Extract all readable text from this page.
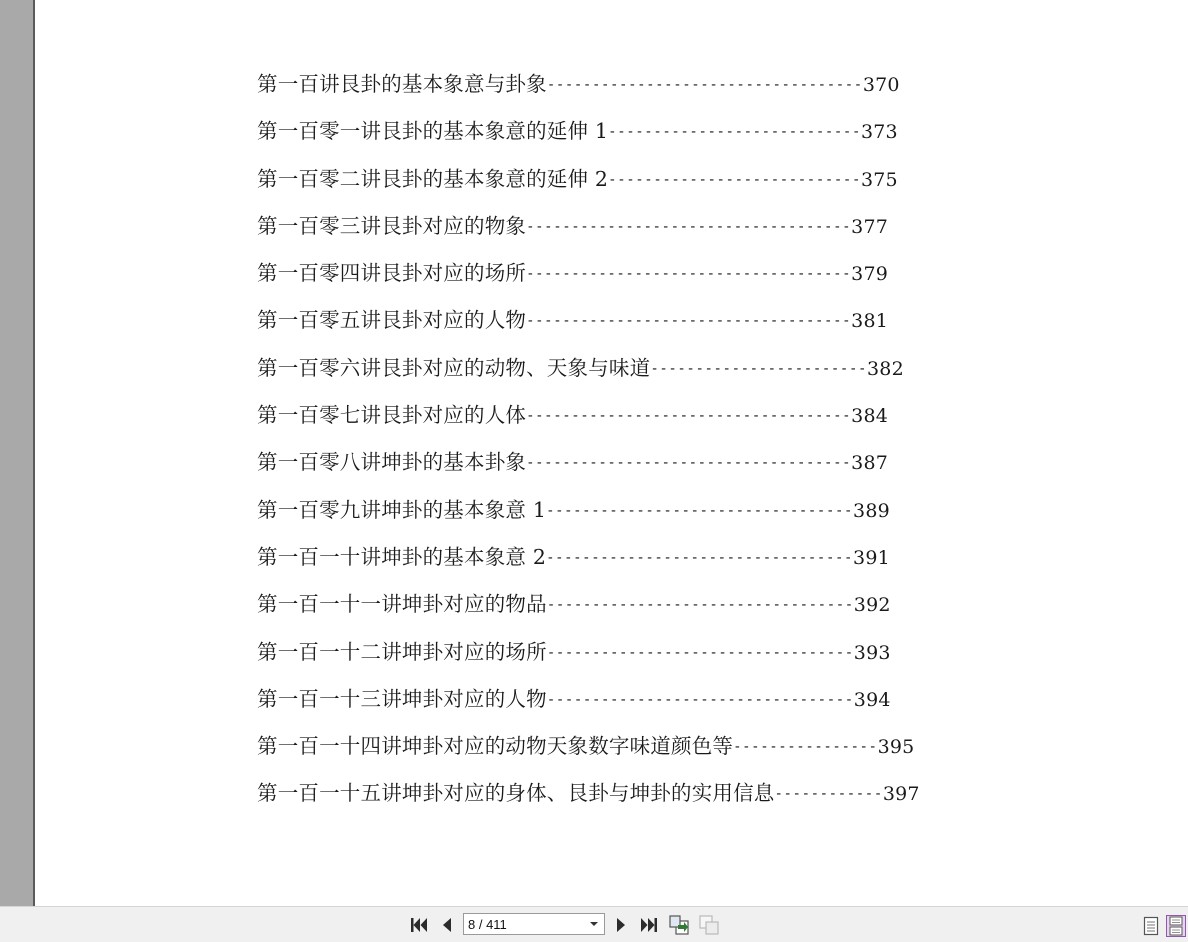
第一百讲艮卦的基本象意与卦象-----------------------------------370
第一百零一讲艮卦的基本象意的延伸 1----------------------------373
第一百零二讲艮卦的基本象意的延伸 2----------------------------375
第一百零三讲艮卦对应的物象------------------------------------377
第一百零四讲艮卦对应的场所------------------------------------379
第一百零五讲艮卦对应的人物------------------------------------381
第一百零六讲艮卦对应的动物、天象与味道------------------------382
第一百零七讲艮卦对应的人体------------------------------------384
第一百零八讲坤卦的基本卦象------------------------------------387
第一百零九讲坤卦的基本象意 1----------------------------------389
第一百一十讲坤卦的基本象意 2----------------------------------391
第一百一十一讲坤卦对应的物品----------------------------------392
第一百一十二讲坤卦对应的场所----------------------------------393
第一百一十三讲坤卦对应的人物----------------------------------394
第一百一十四讲坤卦对应的动物天象数字味道颜色等----------------395
第一百一十五讲坤卦对应的身体、艮卦与坤卦的实用信息------------397
8 / 411
